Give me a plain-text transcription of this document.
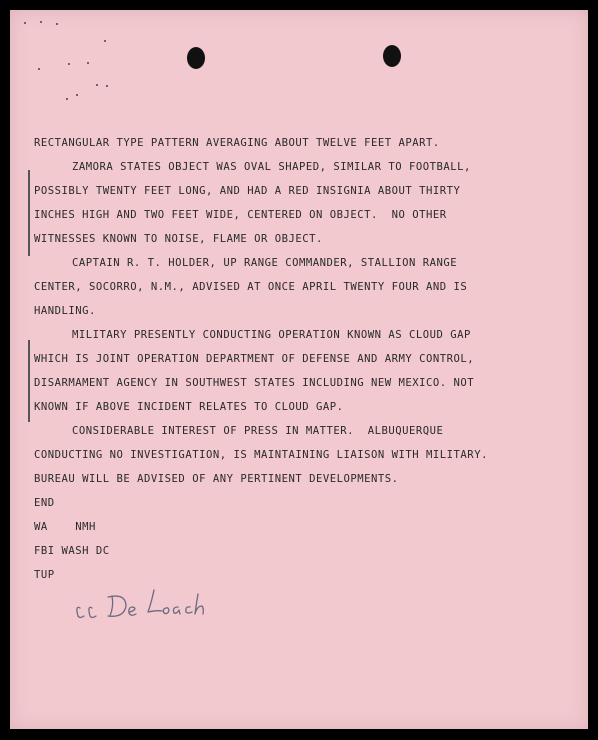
RECTANGULAR TYPE PATTERN AVERAGING ABOUT TWELVE FEET APART.
ZAMORA STATES OBJECT WAS OVAL SHAPED, SIMILAR TO FOOTBALL,
POSSIBLY TWENTY FEET LONG, AND HAD A RED INSIGNIA ABOUT THIRTY
INCHES HIGH AND TWO FEET WIDE, CENTERED ON OBJECT.  NO OTHER
WITNESSES KNOWN TO NOISE, FLAME OR OBJECT.
CAPTAIN R. T. HOLDER, UP RANGE COMMANDER, STALLION RANGE
CENTER, SOCORRO, N.M., ADVISED AT ONCE APRIL TWENTY FOUR AND IS
HANDLING.
MILITARY PRESENTLY CONDUCTING OPERATION KNOWN AS CLOUD GAP
WHICH IS JOINT OPERATION DEPARTMENT OF DEFENSE AND ARMY CONTROL,
DISARMAMENT AGENCY IN SOUTHWEST STATES INCLUDING NEW MEXICO. NOT
KNOWN IF ABOVE INCIDENT RELATES TO CLOUD GAP.
CONSIDERABLE INTEREST OF PRESS IN MATTER.  ALBUQUERQUE
CONDUCTING NO INVESTIGATION, IS MAINTAINING LIAISON WITH MILITARY.
BUREAU WILL BE ADVISED OF ANY PERTINENT DEVELOPMENTS.
END
WA    NMH
FBI WASH DC
TUP
